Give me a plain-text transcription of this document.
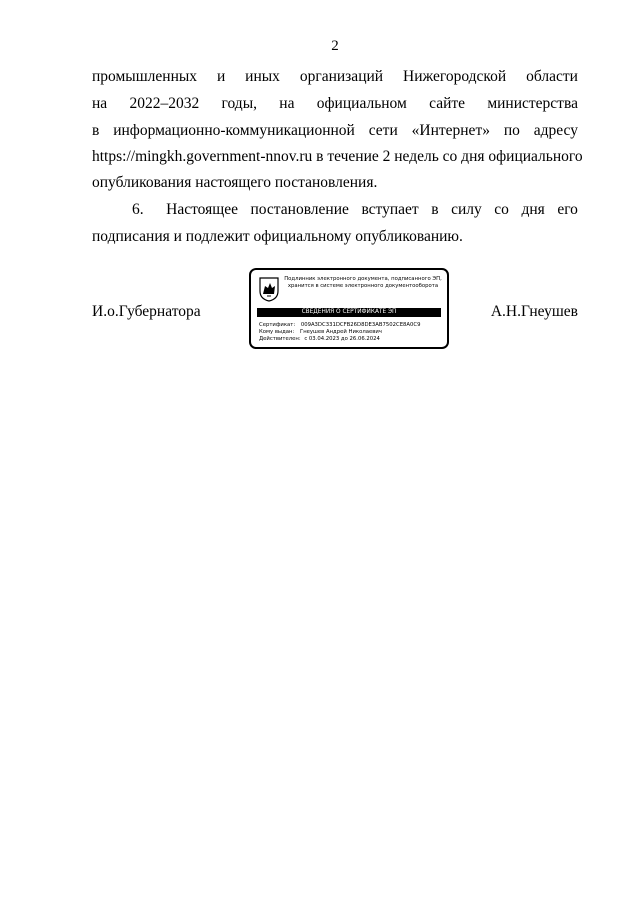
2
промышленных и иных организаций Нижегородской области
на 2022–2032 годы, на официальном сайте министерства
в информационно-коммуникационной сети «Интернет» по адресу
https://mingkh.government-nnov.ru в течение 2 недель со дня официального
опубликования настоящего постановления.
6. Настоящее постановление вступает в силу со дня его
подписания и подлежит официальному опубликованию.
И.о.Губернатора
Подлинник электронного документа, подписанного ЭП,
хранится в системе электронного документооборота
СВЕДЕНИЯ О СЕРТИФИКАТЕ ЭП
Сертификат: 009A3DC331DCFB26D8DE3AB7502CE8A0C9
Кому выдан: Гнеушев Андрей Николаевич
Действителен: с 03.04.2023 до 26.06.2024
А.Н.Гнеушев
